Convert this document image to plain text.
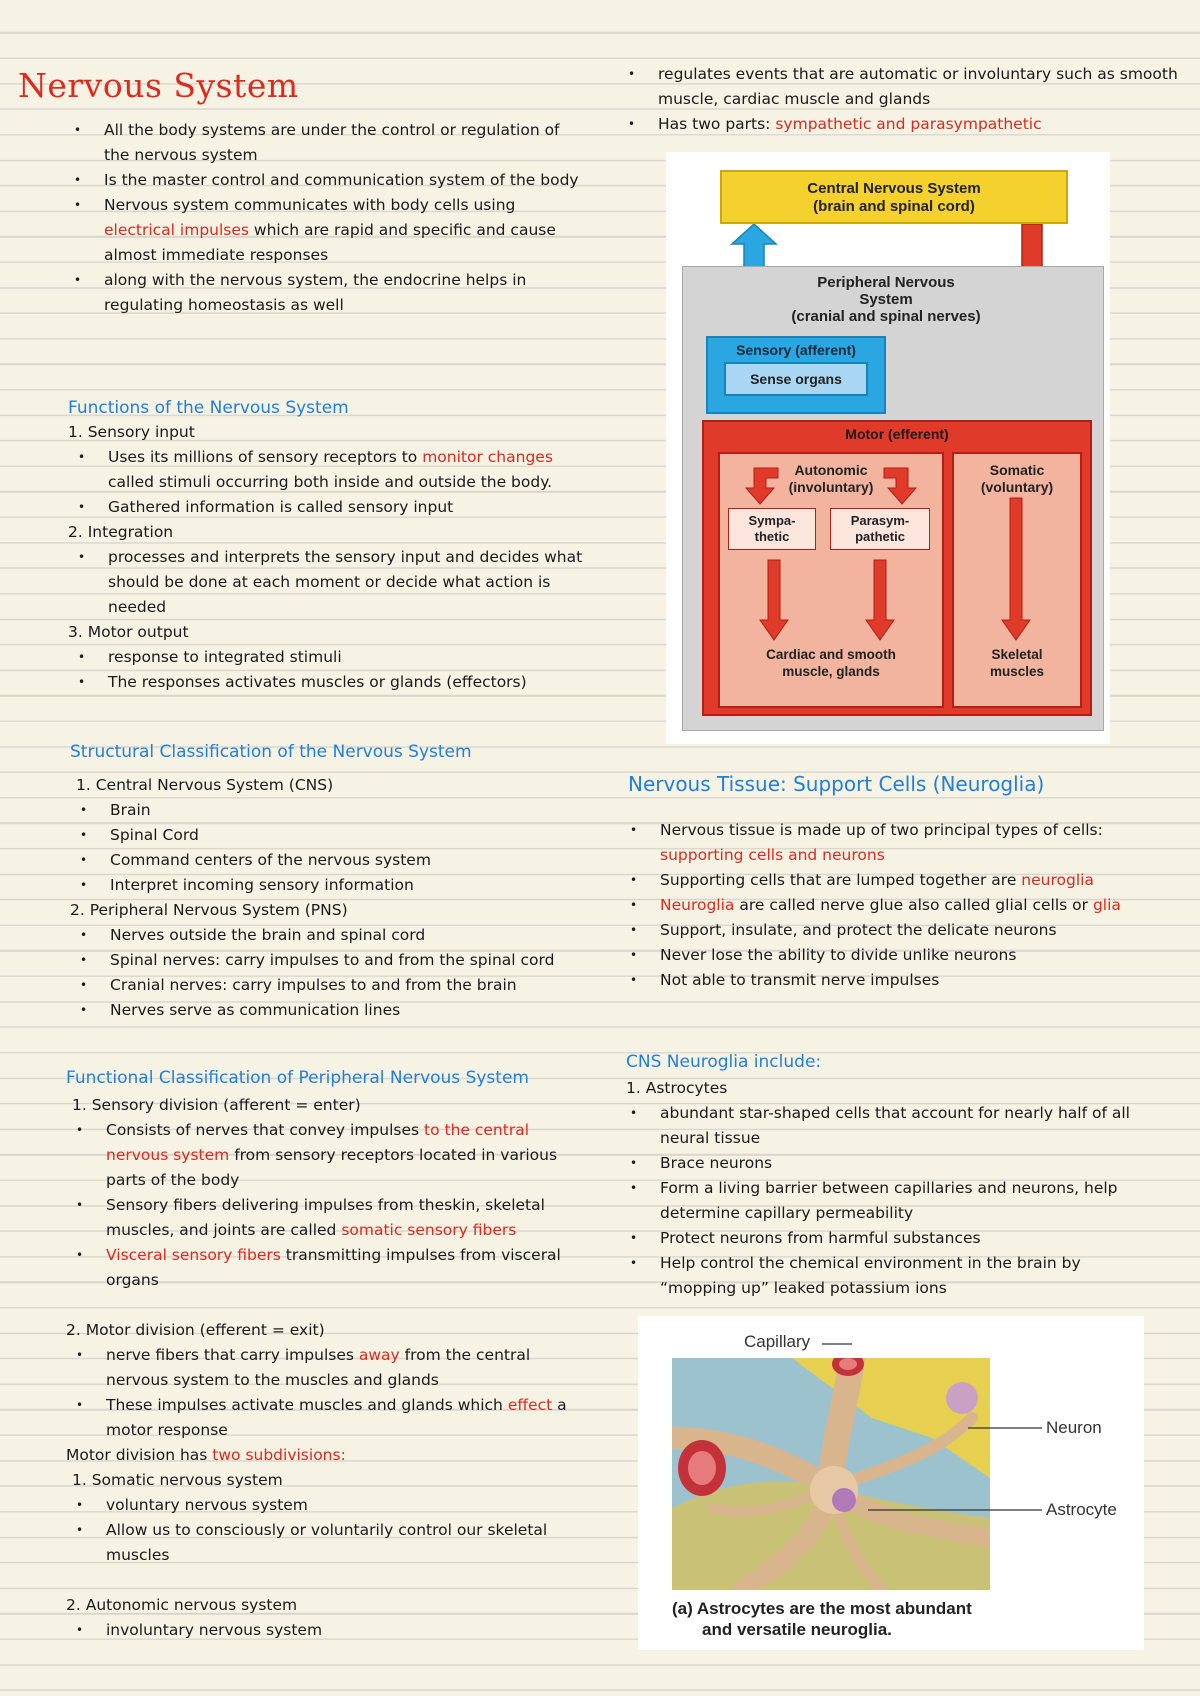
Nervous System
• All the body systems are under the control or regulation of the nervous system
• Is the master control and communication system of the body
• Nervous system communicates with body cells using electrical impulses which are rapid and specific and cause almost immediate responses
• along with the nervous system, the endocrine helps in regulating homeostasis as well
Functions of the Nervous System
1. Sensory input
• Uses its millions of sensory receptors to monitor changes called stimuli occurring both inside and outside the body.
• Gathered information is called sensory input
2. Integration
• processes and interprets the sensory input and decides what should be done at each moment or decide what action is needed
3. Motor output
• response to integrated stimuli
• The responses activates muscles or glands (effectors)
Structural Classification of the Nervous System
1. Central Nervous System (CNS)
• Brain
• Spinal Cord
• Command centers of the nervous system
• Interpret incoming sensory information
2. Peripheral Nervous System (PNS)
• Nerves outside the brain and spinal cord
• Spinal nerves: carry impulses to and from the spinal cord
• Cranial nerves: carry impulses to and from the brain
• Nerves serve as communication lines
Functional Classification of Peripheral Nervous System
1. Sensory division (afferent = enter)
• Consists of nerves that convey impulses to the central nervous system from sensory receptors located in various parts of the body
• Sensory fibers delivering impulses from theskin, skeletal muscles, and joints are called somatic sensory fibers
• Visceral sensory fibers transmitting impulses from visceral organs
2. Motor division (efferent = exit)
• nerve fibers that carry impulses away from the central nervous system to the muscles and glands
• These impulses activate muscles and glands which effect a motor response
Motor division has two subdivisions:
1. Somatic nervous system
• voluntary nervous system
• Allow us to consciously or voluntarily control our skeletal muscles
2. Autonomic nervous system
• involuntary nervous system
• regulates events that are automatic or involuntary such as smooth muscle, cardiac muscle and glands
• Has two parts: sympathetic and parasympathetic
Peripheral Nervous
System
(cranial and spinal nerves)
Central Nervous System
(brain and spinal cord)
Sensory (afferent)
Sense organs
Motor (efferent)
Autonomic
(involuntary)
Somatic
(voluntary)
Sympa-
thetic
Parasym-
pathetic
Cardiac and smooth
muscle, glands
Skeletal
muscles
Nervous Tissue: Support Cells (Neuroglia)
• Nervous tissue is made up of two principal types of cells: supporting cells and neurons
• Supporting cells that are lumped together are neuroglia
• Neuroglia are called nerve glue also called glial cells or glia
• Support, insulate, and protect the delicate neurons
• Never lose the ability to divide unlike neurons
• Not able to transmit nerve impulses
CNS Neuroglia include:
1. Astrocytes
• abundant star-shaped cells that account for nearly half of all neural tissue
• Brace neurons
• Form a living barrier between capillaries and neurons, help determine capillary permeability
• Protect neurons from harmful substances
• Help control the chemical environment in the brain by “mopping up” leaked potassium ions
Capillary
Neuron
Astrocyte
(a) Astrocytes are the most abundant
and versatile neuroglia.
